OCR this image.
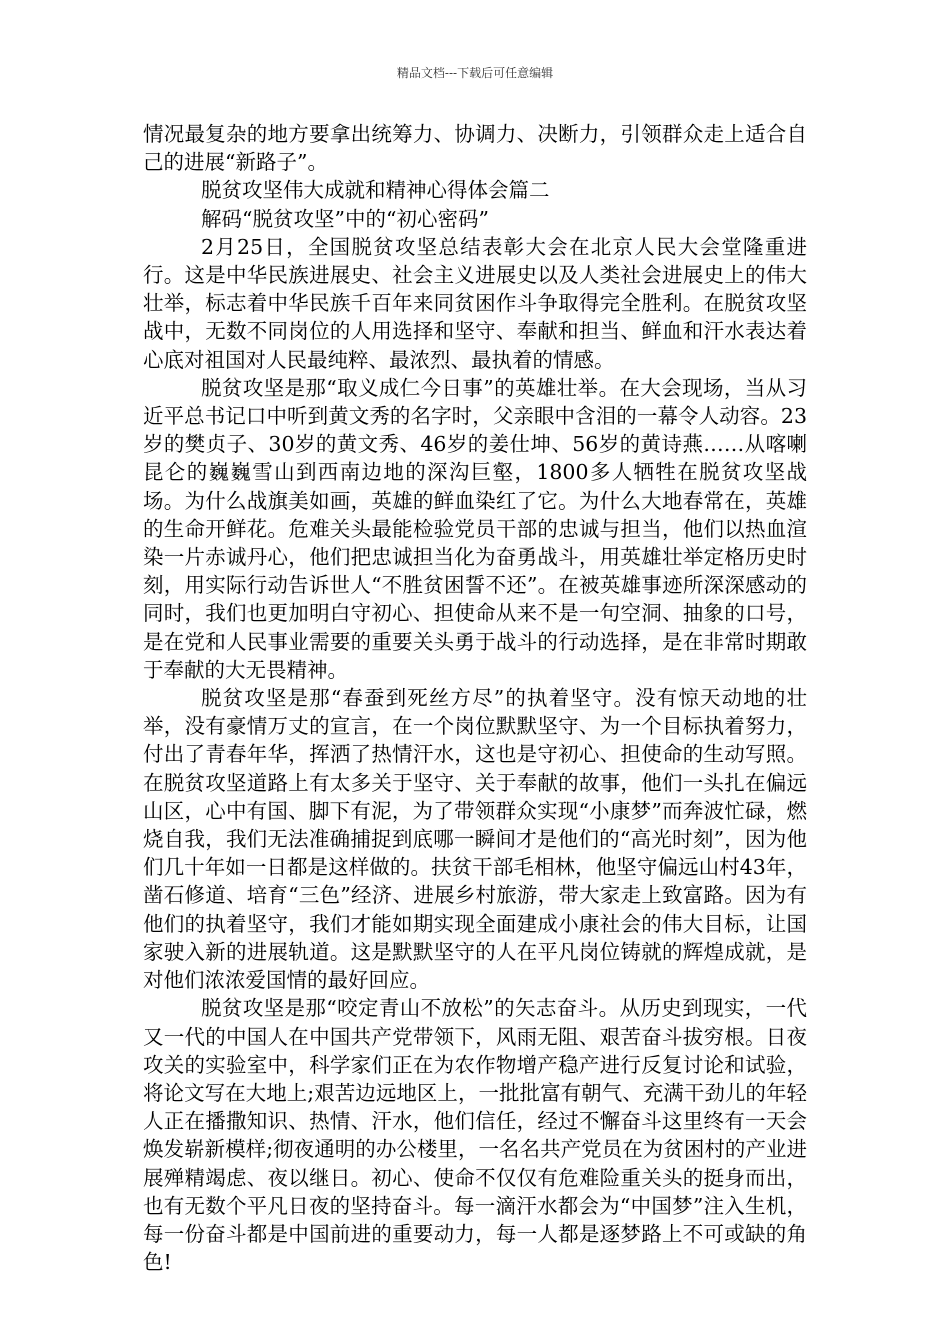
精品文档---下载后可任意编辑

情况最复杂的地方要拿出统筹力、协调力、决断力，引领群众走上适合自己的进展“新路子”。

脱贫攻坚伟大成就和精神心得体会篇二

解码“脱贫攻坚”中的“初心密码”

2月25日，全国脱贫攻坚总结表彰大会在北京人民大会堂隆重进行。这是中华民族进展史、社会主义进展史以及人类社会进展史上的伟大壮举，标志着中华民族千百年来同贫困作斗争取得完全胜利。在脱贫攻坚战中，无数不同岗位的人用选择和坚守、奉献和担当、鲜血和汗水表达着心底对祖国对人民最纯粹、最浓烈、最执着的情感。

脱贫攻坚是那“取义成仁今日事”的英雄壮举。在大会现场，当从习近平总书记口中听到黄文秀的名字时，父亲眼中含泪的一幕令人动容。23岁的樊贞子、30岁的黄文秀、46岁的姜仕坤、56岁的黄诗燕……从喀喇昆仑的巍巍雪山到西南边地的深沟巨壑，1800多人牺牲在脱贫攻坚战场。为什么战旗美如画，英雄的鲜血染红了它。为什么大地春常在，英雄的生命开鲜花。危难关头最能检验党员干部的忠诚与担当，他们以热血渲染一片赤诚丹心，他们把忠诚担当化为奋勇战斗，用英雄壮举定格历史时刻，用实际行动告诉世人“不胜贫困誓不还”。在被英雄事迹所深深感动的同时，我们也更加明白守初心、担使命从来不是一句空洞、抽象的口号，是在党和人民事业需要的重要关头勇于战斗的行动选择，是在非常时期敢于奉献的大无畏精神。

脱贫攻坚是那“春蚕到死丝方尽”的执着坚守。没有惊天动地的壮举，没有豪情万丈的宣言，在一个岗位默默坚守、为一个目标执着努力，付出了青春年华，挥洒了热情汗水，这也是守初心、担使命的生动写照。在脱贫攻坚道路上有太多关于坚守、关于奉献的故事，他们一头扎在偏远山区，心中有国、脚下有泥，为了带领群众实现“小康梦”而奔波忙碌，燃烧自我，我们无法准确捕捉到底哪一瞬间才是他们的“高光时刻”，因为他们几十年如一日都是这样做的。扶贫干部毛相林，他坚守偏远山村43年，凿石修道、培育“三色”经济、进展乡村旅游，带大家走上致富路。因为有他们的执着坚守，我们才能如期实现全面建成小康社会的伟大目标，让国家驶入新的进展轨道。这是默默坚守的人在平凡岗位铸就的辉煌成就，是对他们浓浓爱国情的最好回应。

脱贫攻坚是那“咬定青山不放松”的矢志奋斗。从历史到现实，一代又一代的中国人在中国共产党带领下，风雨无阻、艰苦奋斗拔穷根。日夜攻关的实验室中，科学家们正在为农作物增产稳产进行反复讨论和试验，将论文写在大地上;艰苦边远地区上，一批批富有朝气、充满干劲儿的年轻人正在播撒知识、热情、汗水，他们信任，经过不懈奋斗这里终有一天会焕发崭新模样;彻夜通明的办公楼里，一名名共产党员在为贫困村的产业进展殚精竭虑、夜以继日。初心、使命不仅仅有危难险重关头的挺身而出，也有无数个平凡日夜的坚持奋斗。每一滴汗水都会为“中国梦”注入生机，每一份奋斗都是中国前进的重要动力，每一人都是逐梦路上不可或缺的角色!
